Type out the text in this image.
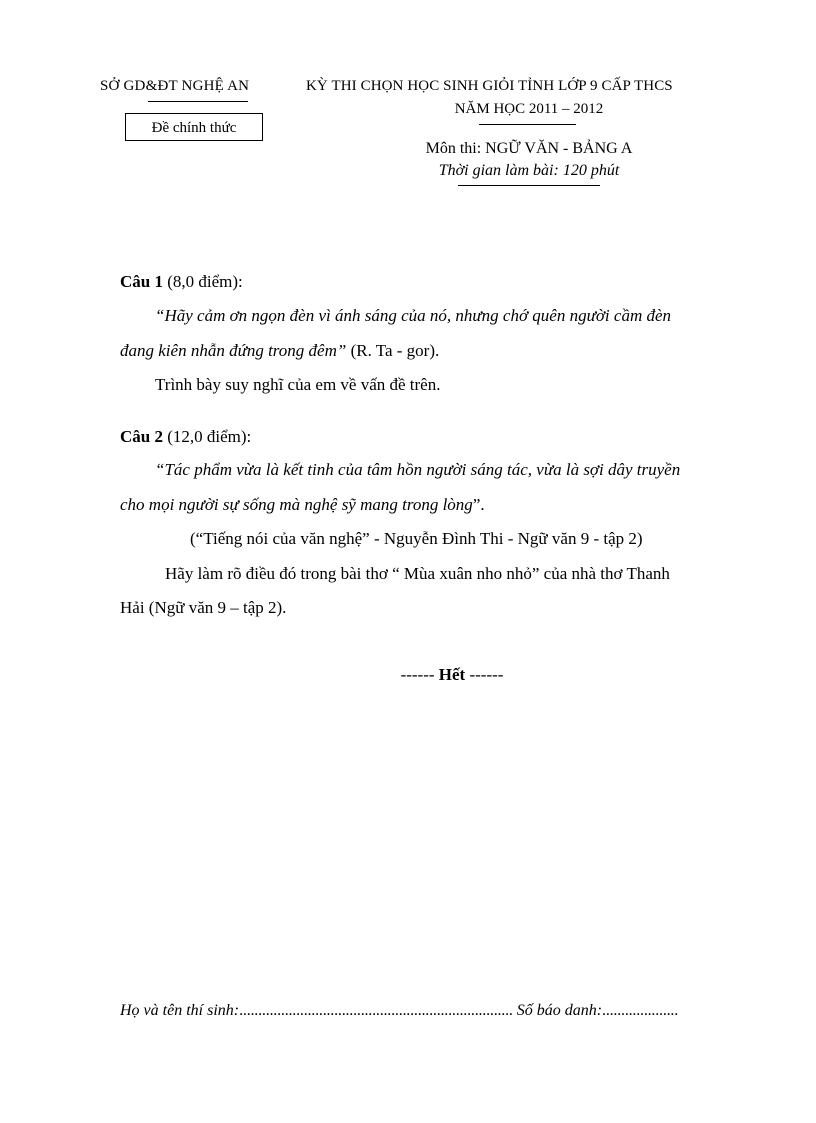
SỞ GD&ĐT NGHỆ AN
Đề chính thức
KỲ THI CHỌN HỌC SINH GIỎI TỈNH LỚP 9 CẤP THCS
NĂM HỌC 2011 – 2012
Môn thi: NGỮ VĂN - BẢNG A
Thời gian làm bài: 120 phút
Câu 1 (8,0 điểm):
“Hãy cảm ơn ngọn đèn vì ánh sáng của nó, nhưng chớ quên người cầm đèn
đang kiên nhẫn đứng trong đêm” (R. Ta - gor).
Trình bày suy nghĩ của em về vấn đề trên.
Câu 2 (12,0 điểm):
“Tác phẩm vừa là kết tinh của tâm hồn người sáng tác, vừa là sợi dây truyền
cho mọi người sự sống mà nghệ sỹ mang trong lòng”.
(“Tiếng nói của văn nghệ” - Nguyễn Đình Thi - Ngữ văn 9 - tập 2)
Hãy làm rõ điều đó trong bài thơ “ Mùa xuân nho nhỏ” của nhà thơ Thanh
Hải (Ngữ văn 9 – tập 2).
------ Hết ------
Họ và tên thí sinh:........................................................................ Số báo danh:....................
